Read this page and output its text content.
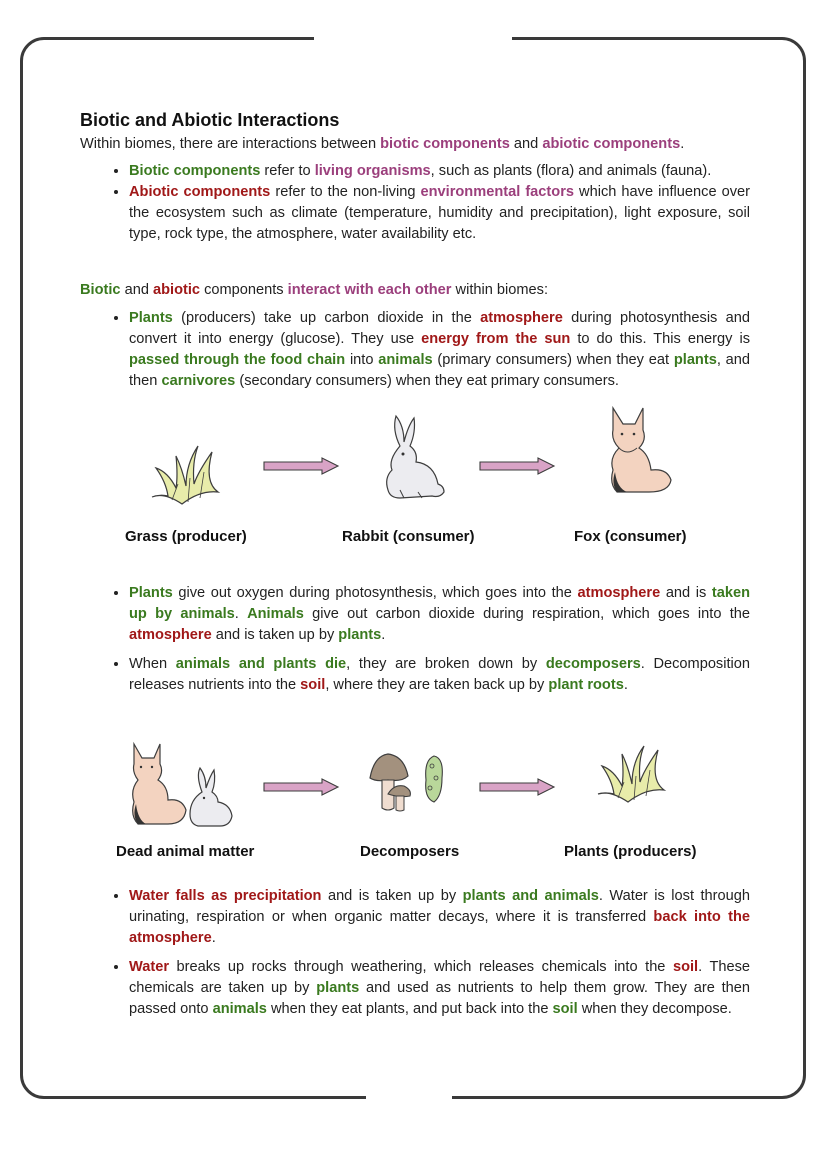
Biotic and Abiotic Interactions

Within biomes, there are interactions between biotic components and abiotic components.

• Biotic components refer to living organisms, such as plants (flora) and animals (fauna).
• Abiotic components refer to the non-living environmental factors which have influence over the ecosystem such as climate (temperature, humidity and precipitation), light exposure, soil type, rock type, the atmosphere, water availability etc.

Biotic and abiotic components interact with each other within biomes:

• Plants (producers) take up carbon dioxide in the atmosphere during photosynthesis and convert it into energy (glucose). They use energy from the sun to do this. This energy is passed through the food chain into animals (primary consumers) when they eat plants, and then carnivores (secondary consumers) when they eat primary consumers.
Grass (producer)	Rabbit (consumer)	Fox (consumer)
• Plants give out oxygen during photosynthesis, which goes into the atmosphere and is taken up by animals. Animals give out carbon dioxide during respiration, which goes into the atmosphere and is taken up by plants.
• When animals and plants die, they are broken down by decomposers. Decomposition releases nutrients into the soil, where they are taken back up by plant roots.
Dead animal matter	Decomposers	Plants (producers)
• Water falls as precipitation and is taken up by plants and animals. Water is lost through urinating, respiration or when organic matter decays, where it is transferred back into the atmosphere.
• Water breaks up rocks through weathering, which releases chemicals into the soil. These chemicals are taken up by plants and used as nutrients to help them grow. They are then passed onto animals when they eat plants, and put back into the soil when they decompose.
